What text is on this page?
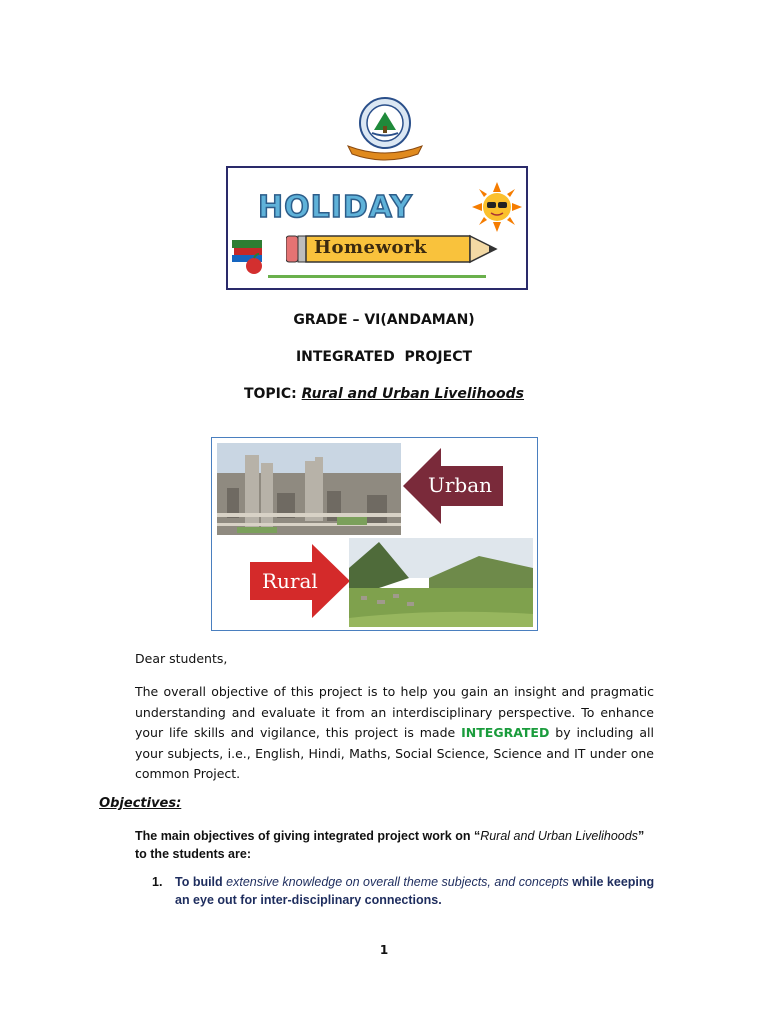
HOLIDAY
Homework
GRADE – VI(ANDAMAN)
INTEGRATED  PROJECT
TOPIC: Rural and Urban Livelihoods
Urban
Rural
Dear students,
The overall objective of this project is to help you gain an insight and pragmatic understanding and evaluate it from an interdisciplinary perspective. To enhance your life skills and vigilance, this project is made INTEGRATED by including all your subjects, i.e., English, Hindi, Maths, Social Science, Science and IT under one common Project.
Objectives:
The main objectives of giving integrated project work on “Rural and Urban Livelihoods” to the students are:
1. To build extensive knowledge on overall theme subjects, and concepts while keeping an eye out for inter-disciplinary connections.
1
